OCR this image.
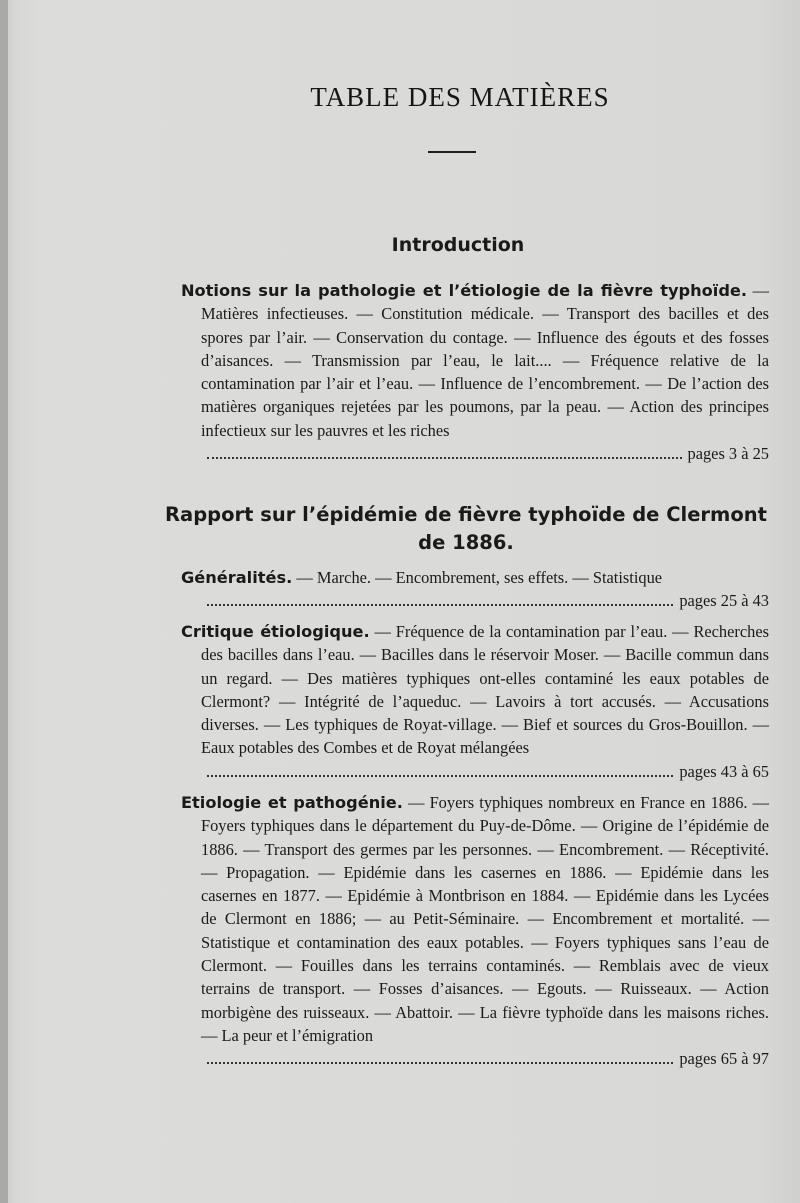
TABLE DES MATIÈRES
Introduction
Notions sur la pathologie et l’étiologie de la fièvre typhoïde. — Matières infectieuses. — Constitution médicale. — Transport des bacilles et des spores par l’air. — Conservation du contage. — Influence des égouts et des fosses d’aisances. — Transmission par l’eau, le lait.... — Fréquence relative de la contamination par l’air et l’eau. — Influence de l’encombrement. — De l’action des matières organiques rejetées par les poumons, par la peau. — Action des principes infectieux sur les pauvres et les riches
pages 3 à 25
Rapport sur l’épidémie de fièvre typhoïde de Clermont de 1886.
Généralités. — Marche. — Encombrement, ses effets. — Statistique
pages 25 à 43
Critique étiologique. — Fréquence de la contamination par l’eau. — Recherches des bacilles dans l’eau. — Bacilles dans le réservoir Moser. — Bacille commun dans un regard. — Des matières typhiques ont-elles contaminé les eaux potables de Clermont? — Intégrité de l’aqueduc. — Lavoirs à tort accusés. — Accusations diverses. — Les typhiques de Royat-village. — Bief et sources du Gros-Bouillon. — Eaux potables des Combes et de Royat mélangées
pages 43 à 65
Etiologie et pathogénie. — Foyers typhiques nombreux en France en 1886. — Foyers typhiques dans le département du Puy-de-Dôme. — Origine de l’épidémie de 1886. — Transport des germes par les personnes. — Encombrement. — Réceptivité. — Propagation. — Epidémie dans les casernes en 1886. — Epidémie dans les casernes en 1877. — Epidémie à Montbrison en 1884. — Epidémie dans les Lycées de Clermont en 1886; — au Petit-Séminaire. — Encombrement et mortalité. — Statistique et contamination des eaux potables. — Foyers typhiques sans l’eau de Clermont. — Fouilles dans les terrains contaminés. — Remblais avec de vieux terrains de transport. — Fosses d’aisances. — Egouts. — Ruisseaux. — Action morbigène des ruisseaux. — Abattoir. — La fièvre typhoïde dans les maisons riches. — La peur et l’émigration
pages 65 à 97
